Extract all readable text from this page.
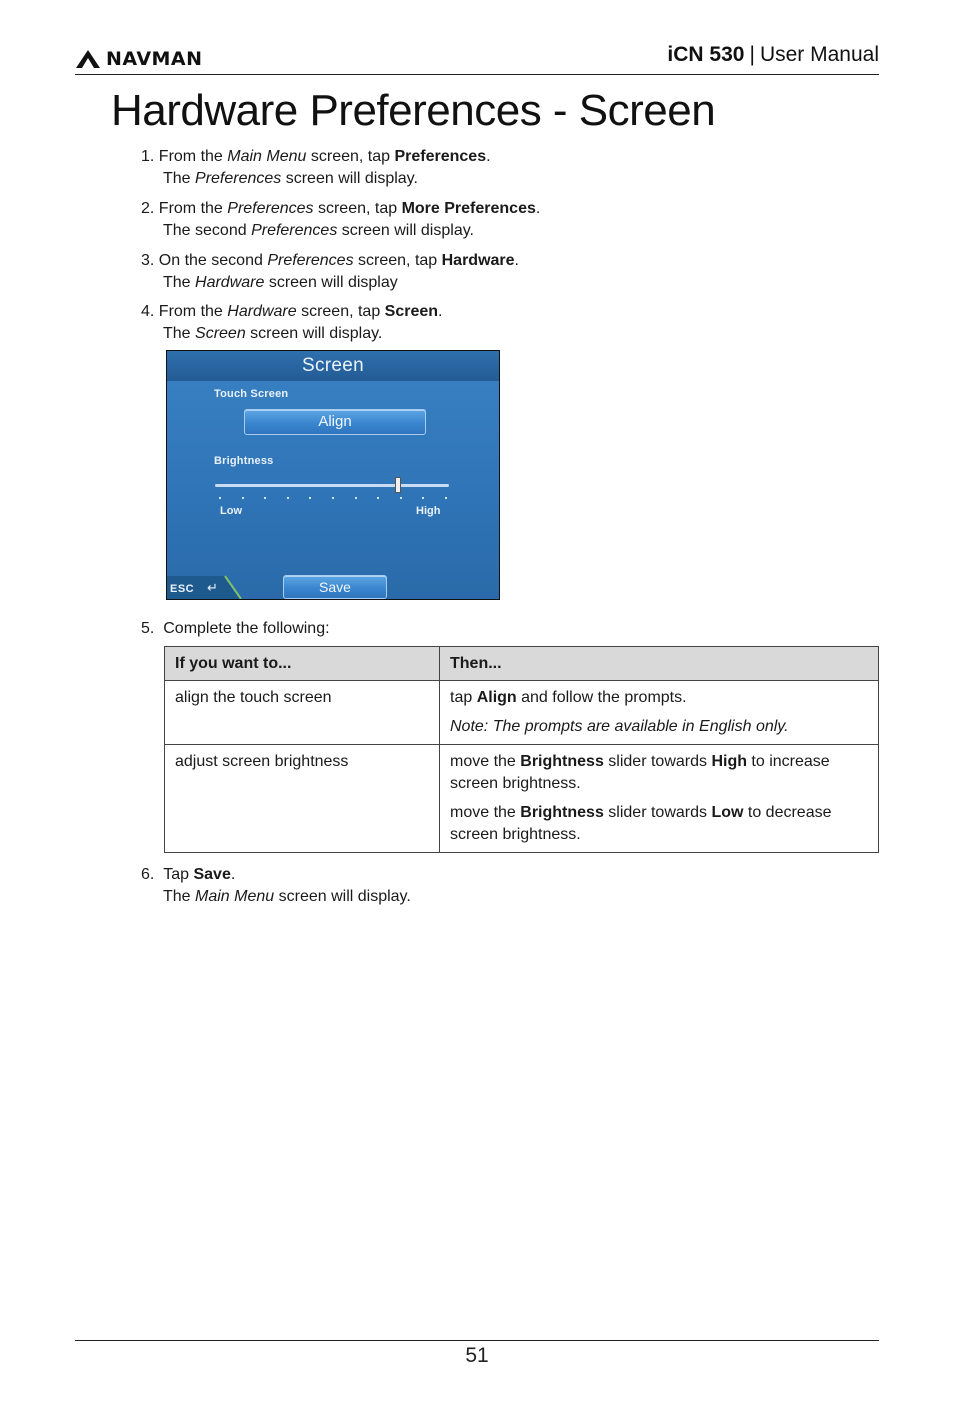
NAVMAN	iCN 530 | User Manual
Hardware Preferences - Screen
1. From the Main Menu screen, tap Preferences.
The Preferences screen will display.
2. From the Preferences screen, tap More Preferences.
The second Preferences screen will display.
3. On the second Preferences screen, tap Hardware.
The Hardware screen will display
4. From the Hardware screen, tap Screen.
The Screen screen will display.
Screen
Touch Screen
Align
Brightness
Low	High
ESC ↵	Save
5. Complete the following:
If you want to...	Then...
align the touch screen	tap Align and follow the prompts.

Note: The prompts are available in English only.

adjust screen brightness	move the Brightness slider towards High to increase screen brightness.

move the Brightness slider towards Low to decrease screen brightness.

6. Tap Save.
The Main Menu screen will display.
51
